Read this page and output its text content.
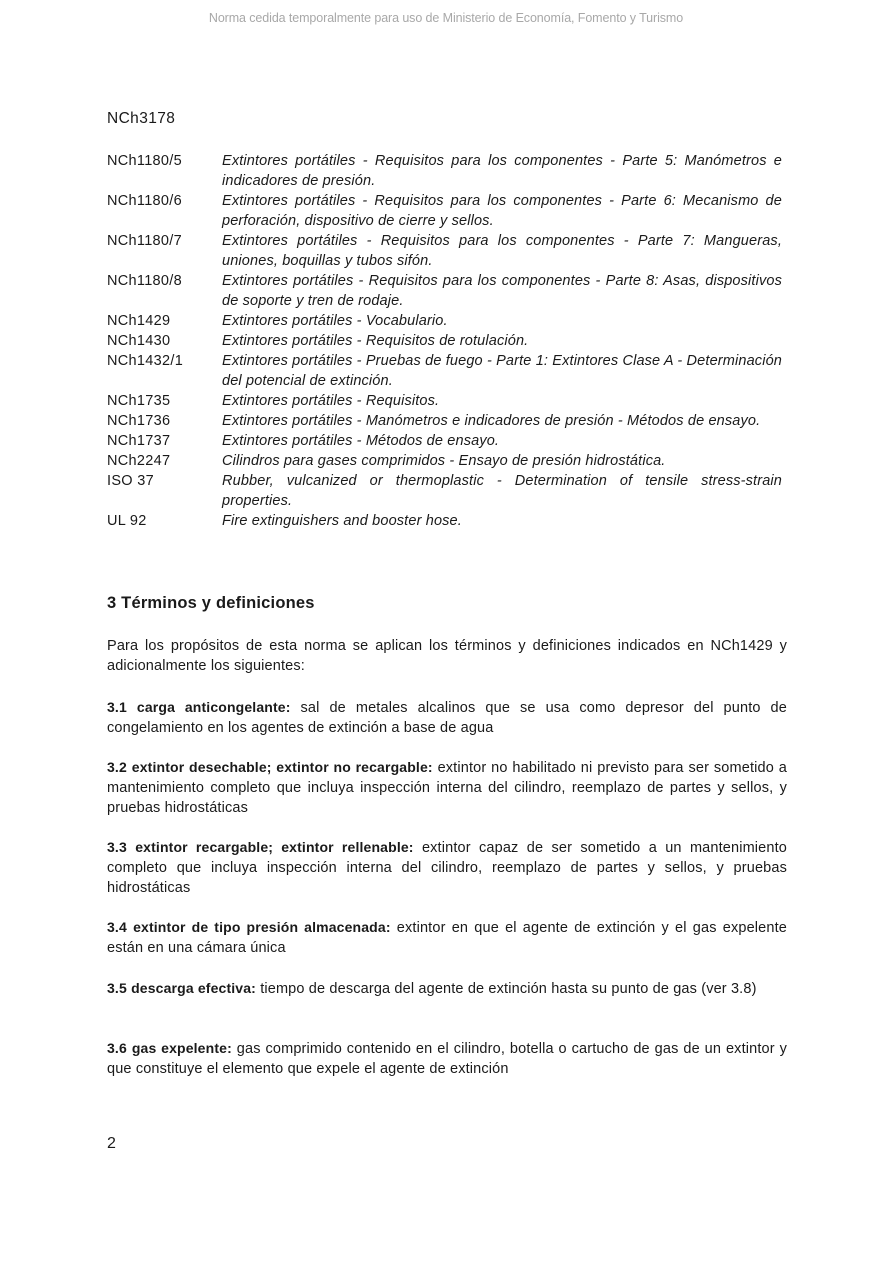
Norma cedida temporalmente para uso de Ministerio de Economía, Fomento y Turismo
NCh3178
NCh1180/5	Extintores portátiles - Requisitos para los componentes - Parte 5: Manómetros e indicadores de presión.
NCh1180/6	Extintores portátiles - Requisitos para los componentes - Parte 6: Mecanismo de perforación, dispositivo de cierre y sellos.
NCh1180/7	Extintores portátiles - Requisitos para los componentes - Parte 7: Mangueras, uniones, boquillas y tubos sifón.
NCh1180/8	Extintores portátiles - Requisitos para los componentes - Parte 8: Asas, dispositivos de soporte y tren de rodaje.
NCh1429	Extintores portátiles - Vocabulario.
NCh1430	Extintores portátiles - Requisitos de rotulación.
NCh1432/1	Extintores portátiles - Pruebas de fuego - Parte 1: Extintores Clase A - Determinación del potencial de extinción.
NCh1735	Extintores portátiles - Requisitos.
NCh1736	Extintores portátiles - Manómetros e indicadores de presión - Métodos de ensayo.
NCh1737	Extintores portátiles - Métodos de ensayo.
NCh2247	Cilindros para gases comprimidos - Ensayo de presión hidrostática.
ISO 37	Rubber, vulcanized or thermoplastic - Determination of tensile stress-strain properties.
UL 92	Fire extinguishers and booster hose.
3 Términos y definiciones

Para los propósitos de esta norma se aplican los términos y definiciones indicados en NCh1429 y adicionalmente los siguientes:

3.1 carga anticongelante: sal de metales alcalinos que se usa como depresor del punto de congelamiento en los agentes de extinción a base de agua

3.2 extintor desechable; extintor no recargable: extintor no habilitado ni previsto para ser sometido a mantenimiento completo que incluya inspección interna del cilindro, reemplazo de partes y sellos, y pruebas hidrostáticas

3.3 extintor recargable; extintor rellenable: extintor capaz de ser sometido a un mantenimiento completo que incluya inspección interna del cilindro, reemplazo de partes y sellos, y pruebas hidrostáticas

3.4 extintor de tipo presión almacenada: extintor en que el agente de extinción y el gas expelente están en una cámara única

3.5 descarga efectiva: tiempo de descarga del agente de extinción hasta su punto de gas (ver 3.8)

3.6 gas expelente: gas comprimido contenido en el cilindro, botella o cartucho de gas de un extintor y que constituye el elemento que expele el agente de extinción

2
